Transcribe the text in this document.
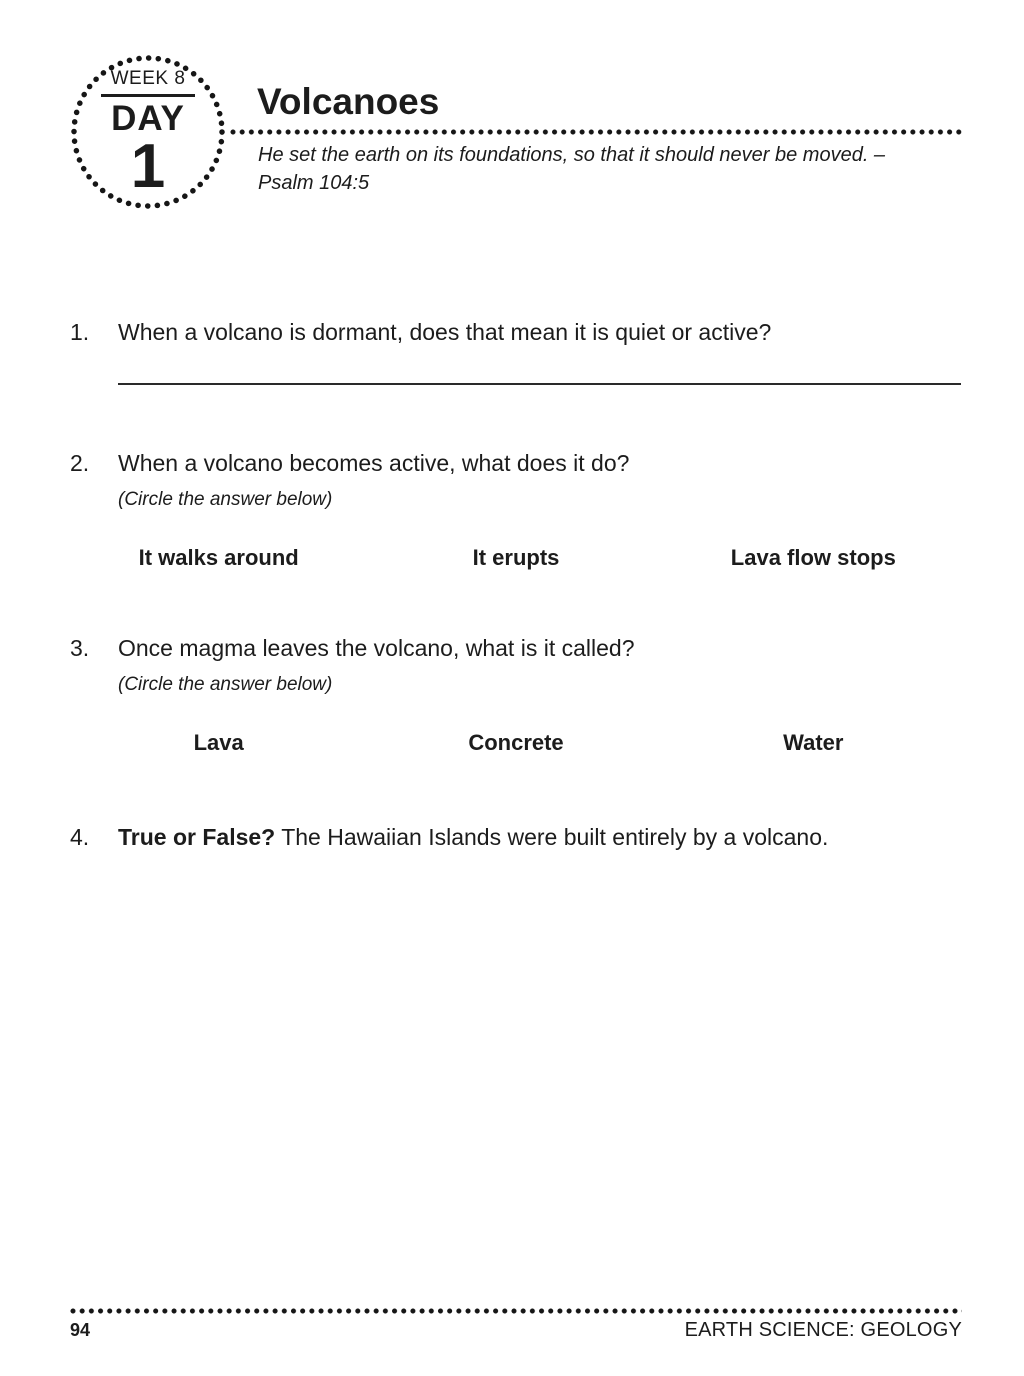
WEEK 8
DAY
1
Volcanoes

He set the earth on its foundations, so that it should never be moved. –
Psalm 104:5

1.	When a volcano is dormant, does that mean it is quiet or active?
2.	When a volcano becomes active, what does it do?
(Circle the answer below)
It walks around	It erupts	Lava flow stops
3.	Once magma leaves the volcano, what is it called?
(Circle the answer below)
Lava	Concrete	Water
4.	True or False? The Hawaiian Islands were built entirely by a volcano.
94	EARTH SCIENCE: GEOLOGY
